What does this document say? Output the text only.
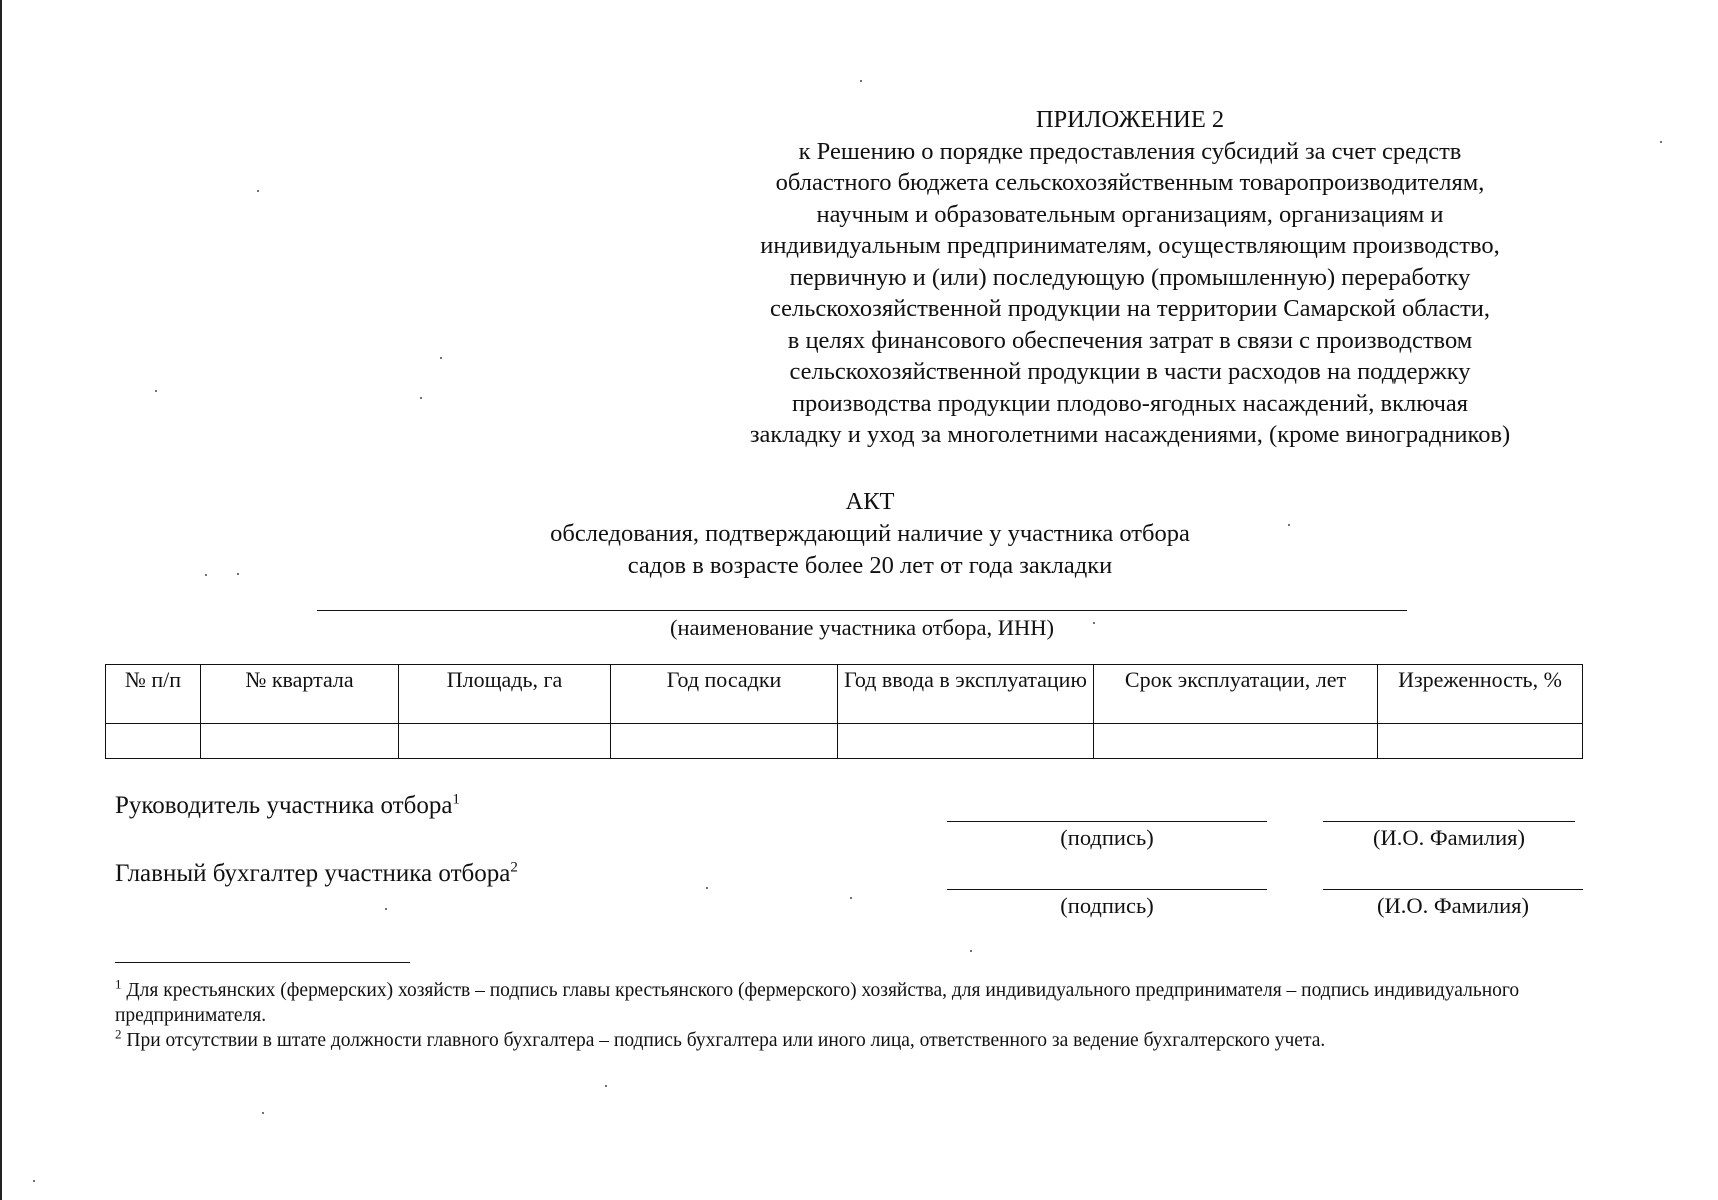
ПРИЛОЖЕНИЕ 2
к Решению о порядке предоставления субсидий за счет средств
областного бюджета сельскохозяйственным товаропроизводителям,
научным и образовательным организациям, организациям и
индивидуальным предпринимателям, осуществляющим производство,
первичную и (или) последующую (промышленную) переработку
сельскохозяйственной продукции на территории Самарской области,
в целях финансового обеспечения затрат в связи с производством
сельскохозяйственной продукции в части расходов на поддержку
производства продукции плодово-ягодных насаждений, включая
закладку и уход за многолетними насаждениями, (кроме виноградников)
АКТ
обследования, подтверждающий наличие у участника отбора
садов в возрасте более 20 лет от года закладки
(наименование участника отбора, ИНН)
№ п/п	№ квартала	Площадь, га	Год посадки	Год ввода в эксплуатацию	Срок эксплуатации, лет	Изреженность, %

Руководитель участника отбора$^1$
(подпись)	(И.О. Фамилия)
Главный бухгалтер участника отбора$^2$
(подпись)	(И.О. Фамилия)

$^1$ Для крестьянских (фермерских) хозяйств – подпись главы крестьянского (фермерского) хозяйства, для индивидуального предпринимателя – подпись индивидуального предпринимателя.

$^2$ При отсутствии в штате должности главного бухгалтера – подпись бухгалтера или иного лица, ответственного за ведение бухгалтерского учета.
